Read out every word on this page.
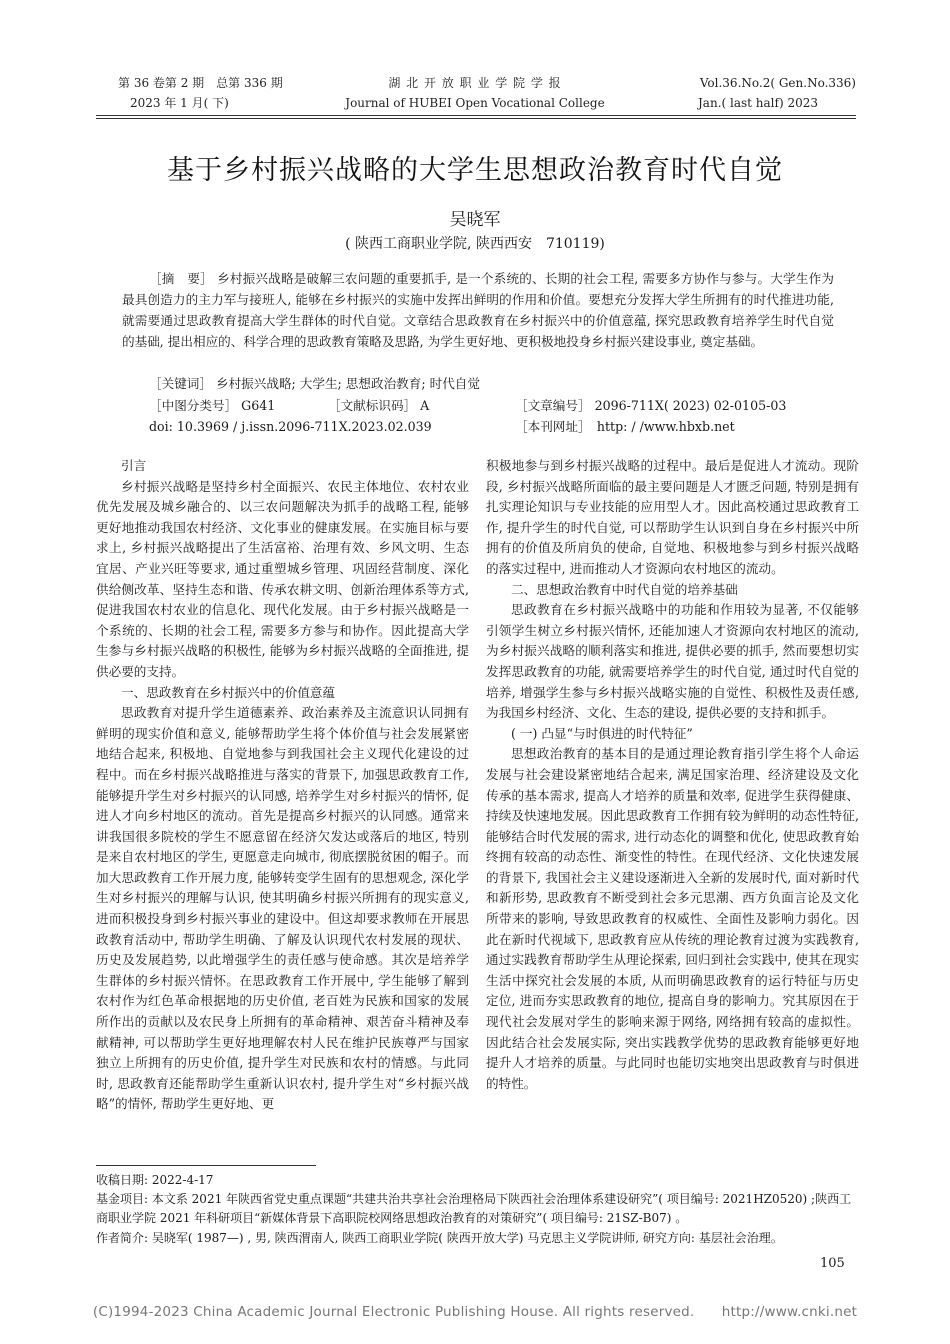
第 36 卷第 2 期　总第 336 期
2023 年 1 月( 下)
湖 北 开 放 职 业 学 院 学 报
Journal of HUBEI Open Vocational College
Vol.36.No.2( Gen.No.336)
Jan.( last half) 2023
基于乡村振兴战略的大学生思想政治教育时代自觉
吴晓军
( 陕西工商职业学院, 陕西西安　710119)
［摘　要］ 乡村振兴战略是破解三农问题的重要抓手, 是一个系统的、长期的社会工程, 需要多方协作与参与。大学生作为最具创造力的主力军与接班人, 能够在乡村振兴的实施中发挥出鲜明的作用和价值。要想充分发挥大学生所拥有的时代推进功能, 就需要通过思政教育提高大学生群体的时代自觉。文章结合思政教育在乡村振兴中的价值意蕴, 探究思政教育培养学生时代自觉的基础, 提出相应的、科学合理的思政教育策略及思路, 为学生更好地、更积极地投身乡村振兴建设事业, 奠定基础。
［关键词］ 乡村振兴战略; 大学生; 思想政治教育; 时代自觉
［中图分类号］ G641	［文献标识码］ A	［文章编号］ 2096-711X( 2023) 02-0105-03
doi: 10.3969 / j.issn.2096-711X.2023.02.039	［本刊网址］　http: / /www.hbxb.net

引言

乡村振兴战略是坚持乡村全面振兴、农民主体地位、农村农业优先发展及城乡融合的、以三农问题解决为抓手的战略工程, 能够更好地推动我国农村经济、文化事业的健康发展。在实施目标与要求上, 乡村振兴战略提出了生活富裕、治理有效、乡风文明、生态宜居、产业兴旺等要求, 通过重塑城乡管理、巩固经营制度、深化供给侧改革、坚持生态和谐、传承农耕文明、创新治理体系等方式, 促进我国农村农业的信息化、现代化发展。由于乡村振兴战略是一个系统的、长期的社会工程, 需要多方参与和协作。因此提高大学生参与乡村振兴战略的积极性, 能够为乡村振兴战略的全面推进, 提供必要的支持。

一、思政教育在乡村振兴中的价值意蕴

思政教育对提升学生道德素养、政治素养及主流意识认同拥有鲜明的现实价值和意义, 能够帮助学生将个体价值与社会发展紧密地结合起来, 积极地、自觉地参与到我国社会主义现代化建设的过程中。而在乡村振兴战略推进与落实的背景下, 加强思政教育工作, 能够提升学生对乡村振兴的认同感, 培养学生对乡村振兴的情怀, 促进人才向乡村地区的流动。首先是提高乡村振兴的认同感。通常来讲我国很多院校的学生不愿意留在经济欠发达或落后的地区, 特别是来自农村地区的学生, 更愿意走向城市, 彻底摆脱贫困的帽子。而加大思政教育工作开展力度, 能够转变学生固有的思想观念, 深化学生对乡村振兴的理解与认识, 使其明确乡村振兴所拥有的现实意义, 进而积极投身到乡村振兴事业的建设中。但这却要求教师在开展思政教育活动中, 帮助学生明确、了解及认识现代农村发展的现状、历史及发展趋势, 以此增强学生的责任感与使命感。其次是培养学生群体的乡村振兴情怀。在思政教育工作开展中, 学生能够了解到农村作为红色革命根据地的历史价值, 老百姓为民族和国家的发展所作出的贡献以及农民身上所拥有的革命精神、艰苦奋斗精神及奉献精神, 可以帮助学生更好地理解农村人民在维护民族尊严与国家独立上所拥有的历史价值, 提升学生对民族和农村的情感。与此同时, 思政教育还能帮助学生重新认识农村, 提升学生对“乡村振兴战略”的情怀, 帮助学生更好地、更

积极地参与到乡村振兴战略的过程中。最后是促进人才流动。现阶段, 乡村振兴战略所面临的最主要问题是人才匮乏问题, 特别是拥有扎实理论知识与专业技能的应用型人才。因此高校通过思政教育工作, 提升学生的时代自觉, 可以帮助学生认识到自身在乡村振兴中所拥有的价值及所肩负的使命, 自觉地、积极地参与到乡村振兴战略的落实过程中, 进而推动人才资源向农村地区的流动。

二、思想政治教育中时代自觉的培养基础

思政教育在乡村振兴战略中的功能和作用较为显著, 不仅能够引领学生树立乡村振兴情怀, 还能加速人才资源向农村地区的流动, 为乡村振兴战略的顺利落实和推进, 提供必要的抓手, 然而要想切实发挥思政教育的功能, 就需要培养学生的时代自觉, 通过时代自觉的培养, 增强学生参与乡村振兴战略实施的自觉性、积极性及责任感, 为我国乡村经济、文化、生态的建设, 提供必要的支持和抓手。

( 一) 凸显“与时俱进的时代特征”

思想政治教育的基本目的是通过理论教育指引学生将个人命运发展与社会建设紧密地结合起来, 满足国家治理、经济建设及文化传承的基本需求, 提高人才培养的质量和效率, 促进学生获得健康、持续及快速地发展。因此思政教育工作拥有较为鲜明的动态性特征, 能够结合时代发展的需求, 进行动态化的调整和优化, 使思政教育始终拥有较高的动态性、渐变性的特性。在现代经济、文化快速发展的背景下, 我国社会主义建设逐渐进入全新的发展时代, 面对新时代和新形势, 思政教育不断受到社会多元思潮、西方负面言论及文化所带来的影响, 导致思政教育的权威性、全面性及影响力弱化。因此在新时代视域下, 思政教育应从传统的理论教育过渡为实践教育, 通过实践教育帮助学生从理论探索, 回归到社会实践中, 使其在现实生活中探究社会发展的本质, 从而明确思政教育的运行特征与历史定位, 进而夯实思政教育的地位, 提高自身的影响力。究其原因在于现代社会发展对学生的影响来源于网络, 网络拥有较高的虚拟性。因此结合社会发展实际, 突出实践教学优势的思政教育能够更好地提升人才培养的质量。与此同时也能切实地突出思政教育与时俱进的特性。

收稿日期: 2022-4-17
基金项目: 本文系 2021 年陕西省党史重点课题“共建共治共享社会治理格局下陕西社会治理体系建设研究”( 项目编号: 2021HZ0520) ;陕西工商职业学院 2021 年科研项目“新媒体背景下高职院校网络思想政治教育的对策研究”( 项目编号: 21SZ-B07) 。
作者简介: 吴晓军( 1987—) , 男, 陕西渭南人, 陕西工商职业学院( 陕西开放大学) 马克思主义学院讲师, 研究方向: 基层社会治理。
105
(C)1994-2023 China Academic Journal Electronic Publishing House. All rights reserved.　　http://www.cnki.net
